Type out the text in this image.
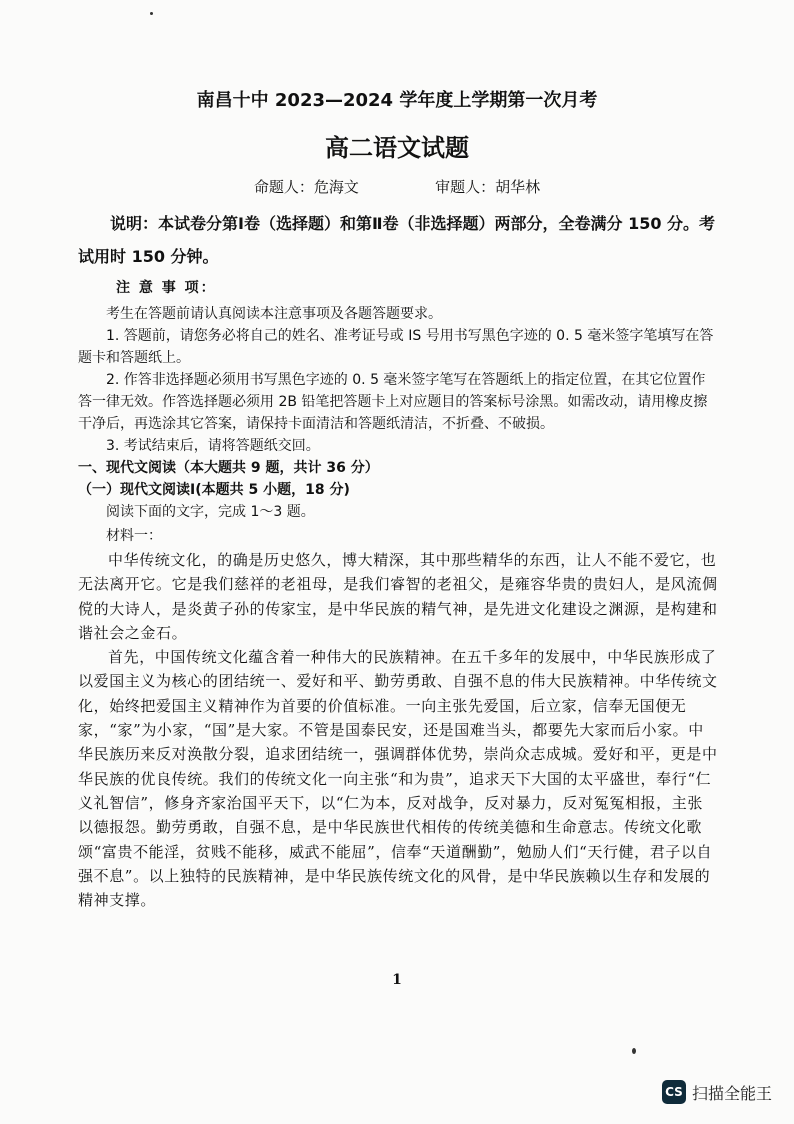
南昌十中 2023—2024 学年度上学期第一次月考
高二语文试题
命题人：危海文                审题人：胡华林

说明：本试卷分第Ⅰ卷（选择题）和第Ⅱ卷（非选择题）两部分，全卷满分 150 分。考试用时 150 分钟。

注 意 事 项：

考生在答题前请认真阅读本注意事项及各题答题要求。

1. 答题前，请您务必将自己的姓名、准考证号或 IS 号用书写黑色字迹的 0. 5 毫米签字笔填写在答题卡和答题纸上。

2. 作答非选择题必须用书写黑色字迹的 0. 5 毫米签字笔写在答题纸上的指定位置，在其它位置作答一律无效。作答选择题必须用 2B 铅笔把答题卡上对应题目的答案标号涂黑。如需改动，请用橡皮擦干净后，再选涂其它答案，请保持卡面清洁和答题纸清洁，不折叠、不破损。

3. 考试结束后，请将答题纸交回。

一、现代文阅读（本大题共 9 题，共计 36 分）

（一）现代文阅读Ⅰ(本题共 5 小题，18 分)

阅读下面的文字，完成 1～3 题。

材料一：

中华传统文化，的确是历史悠久，博大精深，其中那些精华的东西，让人不能不爱它，也无法离开它。它是我们慈祥的老祖母，是我们睿智的老祖父，是雍容华贵的贵妇人，是风流倜傥的大诗人，是炎黄子孙的传家宝，是中华民族的精气神，是先进文化建设之渊源，是构建和谐社会之金石。

首先，中国传统文化蕴含着一种伟大的民族精神。在五千多年的发展中，中华民族形成了以爱国主义为核心的团结统一、爱好和平、勤劳勇敢、自强不息的伟大民族精神。中华传统文化，始终把爱国主义精神作为首要的价值标准。一向主张先爱国，后立家，信奉无国便无家，“家”为小家，“国”是大家。不管是国泰民安，还是国难当头，都要先大家而后小家。中华民族历来反对涣散分裂，追求团结统一，强调群体优势，崇尚众志成城。爱好和平，更是中华民族的优良传统。我们的传统文化一向主张“和为贵”，追求天下大国的太平盛世，奉行“仁义礼智信”，修身齐家治国平天下，以“仁为本，反对战争，反对暴力，反对冤冤相报，主张以德报怨。勤劳勇敢，自强不息，是中华民族世代相传的传统美德和生命意志。传统文化歌颂“富贵不能淫，贫贱不能移，威武不能屈”，信奉“天道酬勤”，勉励人们“天行健，君子以自强不息”。以上独特的民族精神，是中华民族传统文化的风骨，是中华民族赖以生存和发展的精神支撑。

1
CS 扫描全能王
